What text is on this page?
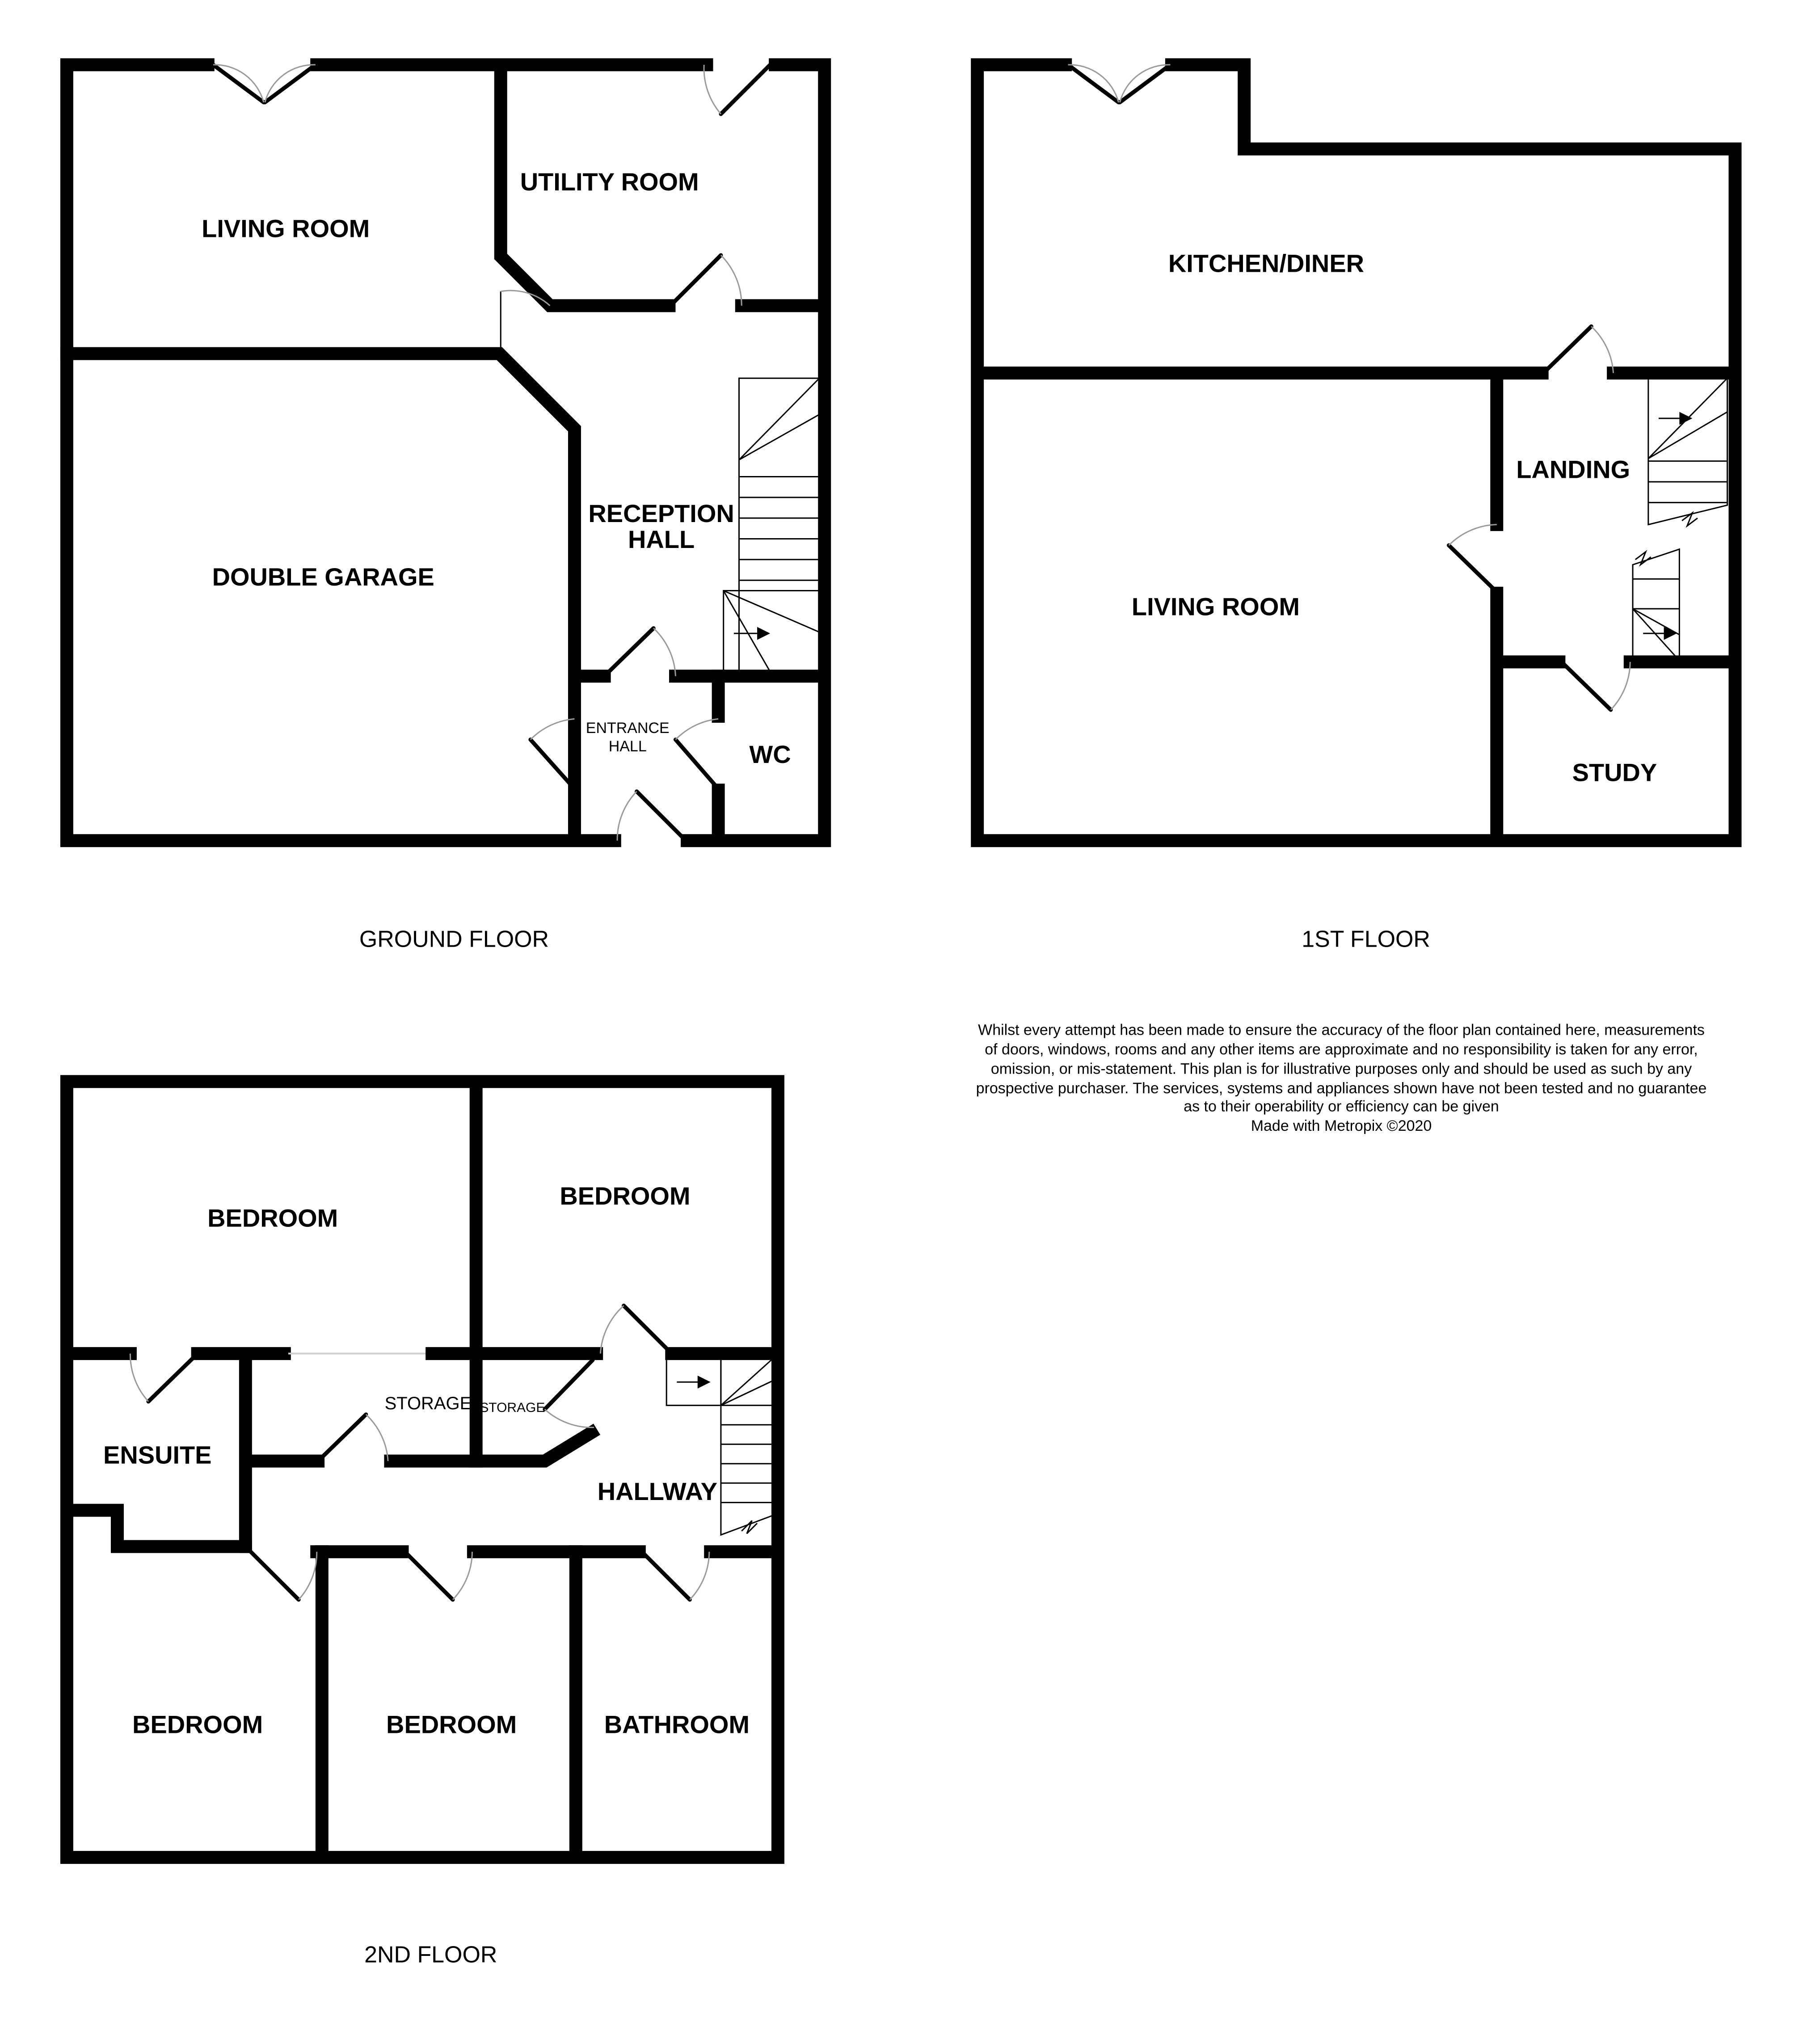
LIVING ROOM
UTILITY ROOM
DOUBLE GARAGE
RECEPTION
HALL
ENTRANCE
HALL	WC
GROUND FLOOR
KITCHEN/DINER
LANDING
LIVING ROOM
STUDY
1ST FLOOR
BEDROOM
BEDROOM
STORAGE STORAGE
ENSUITE
HALLWAY
BEDROOM	BEDROOM	BATHROOM
2ND FLOOR
Whilst every attempt has been made to ensure the accuracy of the floor plan contained here, measurements
of doors, windows, rooms and any other items are approximate and no responsibility is taken for any error,
omission, or mis-statement. This plan is for illustrative purposes only and should be used as such by any
prospective purchaser. The services, systems and appliances shown have not been tested and no guarantee
as to their operability or efficiency can be given
Made with Metropix ©2020
